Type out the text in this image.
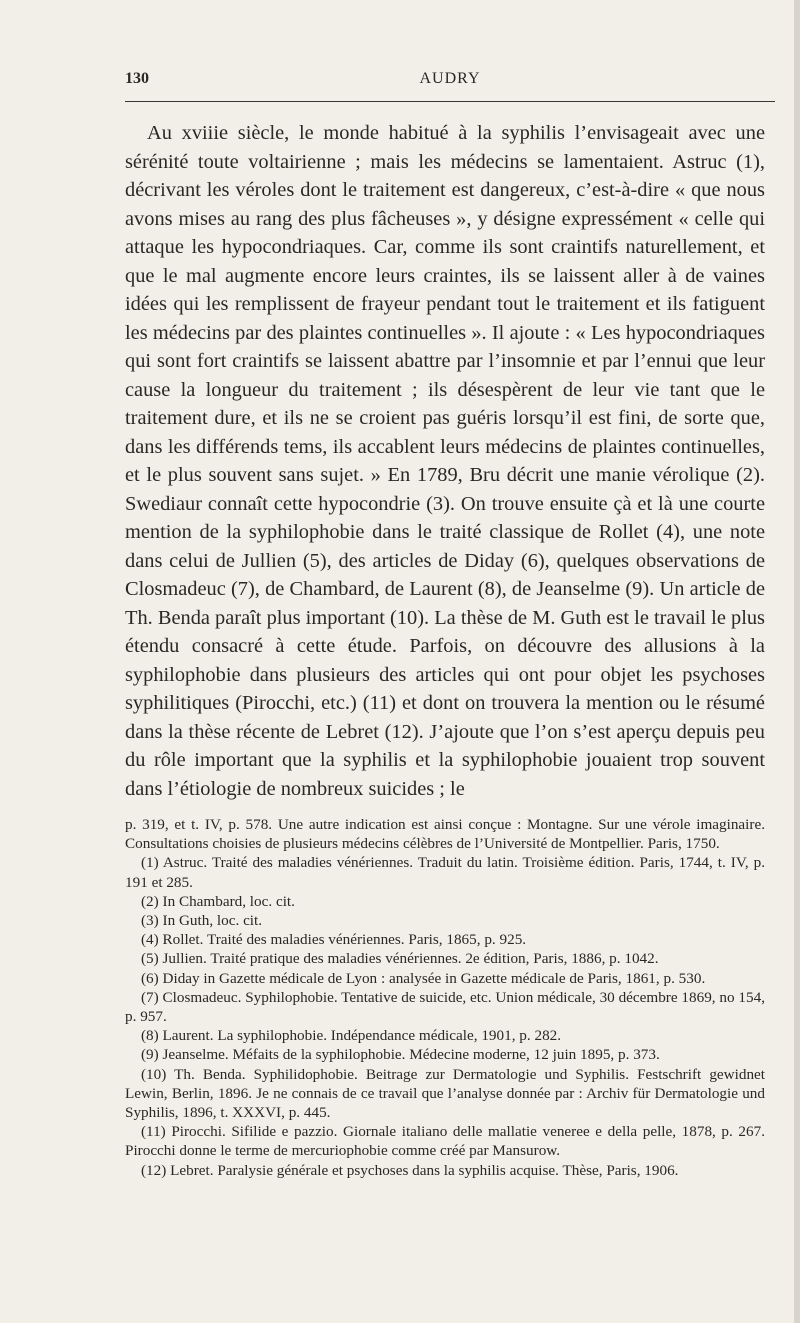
130	AUDRY

Au xviiie siècle, le monde habitué à la syphilis l’envisageait avec une sérénité toute voltairienne ; mais les médecins se lamentaient. Astruc (1), décrivant les véroles dont le traitement est dangereux, c’est-à-dire « que nous avons mises au rang des plus fâcheuses », y désigne expressément « celle qui attaque les hypocondriaques. Car, comme ils sont craintifs naturellement, et que le mal augmente encore leurs craintes, ils se laissent aller à de vaines idées qui les remplissent de frayeur pendant tout le traitement et ils fatiguent les médecins par des plaintes continuelles ». Il ajoute : « Les hypocondriaques qui sont fort craintifs se laissent abattre par l’insomnie et par l’ennui que leur cause la longueur du traitement ; ils désespèrent de leur vie tant que le traitement dure, et ils ne se croient pas guéris lorsqu’il est fini, de sorte que, dans les différends tems, ils accablent leurs médecins de plaintes continuelles, et le plus souvent sans sujet. » En 1789, Bru décrit une manie vérolique (2). Swediaur connaît cette hypocondrie (3). On trouve ensuite çà et là une courte mention de la syphilophobie dans le traité classique de Rollet (4), une note dans celui de Jullien (5), des articles de Diday (6), quelques observations de Closmadeuc (7), de Chambard, de Laurent (8), de Jeanselme (9). Un article de Th. Benda paraît plus important (10). La thèse de M. Guth est le travail le plus étendu consacré à cette étude. Parfois, on découvre des allusions à la syphilophobie dans plusieurs des articles qui ont pour objet les psychoses syphilitiques (Pirocchi, etc.) (11) et dont on trouvera la mention ou le résumé dans la thèse récente de Lebret (12). J’ajoute que l’on s’est aperçu depuis peu du rôle important que la syphilis et la syphilophobie jouaient trop souvent dans l’étiologie de nombreux suicides ; le

p. 319, et t. IV, p. 578. Une autre indication est ainsi conçue : Montagne. Sur une vérole imaginaire. Consultations choisies de plusieurs médecins célèbres de l’Université de Montpellier. Paris, 1750.

(1) Astruc. Traité des maladies vénériennes. Traduit du latin. Troisième édition. Paris, 1744, t. IV, p. 191 et 285.

(2) In Chambard, loc. cit.

(3) In Guth, loc. cit.

(4) Rollet. Traité des maladies vénériennes. Paris, 1865, p. 925.

(5) Jullien. Traité pratique des maladies vénériennes. 2e édition, Paris, 1886, p. 1042.

(6) Diday in Gazette médicale de Lyon : analysée in Gazette médicale de Paris, 1861, p. 530.

(7) Closmadeuc. Syphilophobie. Tentative de suicide, etc. Union médicale, 30 décembre 1869, no 154, p. 957.

(8) Laurent. La syphilophobie. Indépendance médicale, 1901, p. 282.

(9) Jeanselme. Méfaits de la syphilophobie. Médecine moderne, 12 juin 1895, p. 373.

(10) Th. Benda. Syphilidophobie. Beitrage zur Dermatologie und Syphilis. Festschrift gewidnet Lewin, Berlin, 1896. Je ne connais de ce travail que l’analyse donnée par : Archiv für Dermatologie und Syphilis, 1896, t. XXXVI, p. 445.

(11) Pirocchi. Sifilide e pazzio. Giornale italiano delle mallatie veneree e della pelle, 1878, p. 267. Pirocchi donne le terme de mercuriophobie comme créé par Mansurow.

(12) Lebret. Paralysie générale et psychoses dans la syphilis acquise. Thèse, Paris, 1906.
